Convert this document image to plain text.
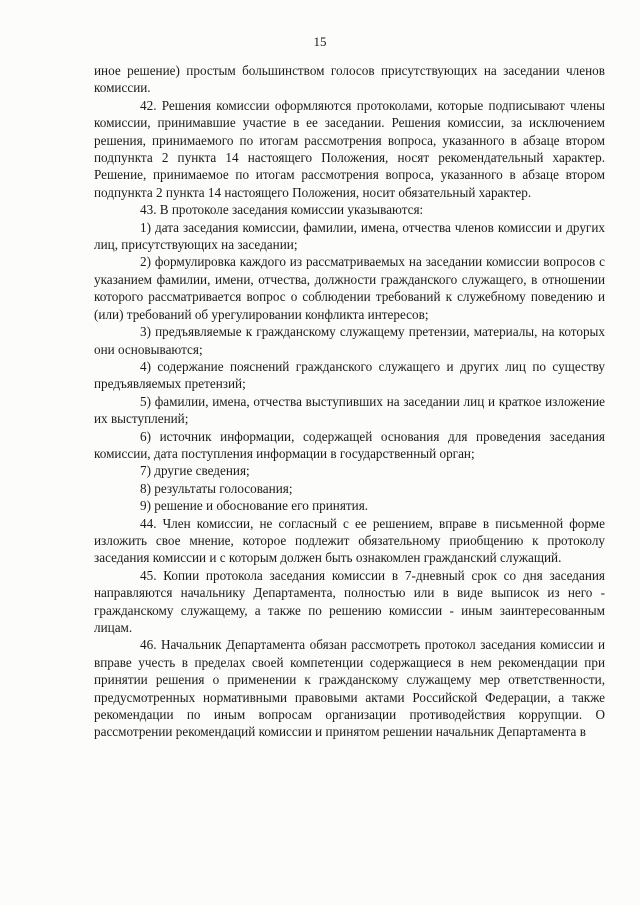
15

иное решение) простым большинством голосов присутствующих на заседании членов комиссии.

42. Решения комиссии оформляются протоколами, которые подписывают члены комиссии, принимавшие участие в ее заседании. Решения комиссии, за исключением решения, принимаемого по итогам рассмотрения вопроса, указанного в абзаце втором подпункта 2 пункта 14 настоящего Положения, носят рекомендательный характер. Решение, принимаемое по итогам рассмотрения вопроса, указанного в абзаце втором подпункта 2 пункта 14 настоящего Положения, носит обязательный характер.

43. В протоколе заседания комиссии указываются:

1) дата заседания комиссии, фамилии, имена, отчества членов комиссии и других лиц, присутствующих на заседании;

2) формулировка каждого из рассматриваемых на заседании комиссии вопросов с указанием фамилии, имени, отчества, должности гражданского служащего, в отношении которого рассматривается вопрос о соблюдении требований к служебному поведению и (или) требований об урегулировании конфликта интересов;

3) предъявляемые к гражданскому служащему претензии, материалы, на которых они основываются;

4) содержание пояснений гражданского служащего и других лиц по существу предъявляемых претензий;

5) фамилии, имена, отчества выступивших на заседании лиц и краткое изложение их выступлений;

6) источник информации, содержащей основания для проведения заседания комиссии, дата поступления информации в государственный орган;

7) другие сведения;

8) результаты голосования;

9) решение и обоснование его принятия.

44. Член комиссии, не согласный с ее решением, вправе в письменной форме изложить свое мнение, которое подлежит обязательному приобщению к протоколу заседания комиссии и с которым должен быть ознакомлен гражданский служащий.

45. Копии протокола заседания комиссии в 7-дневный срок со дня заседания направляются начальнику Департамента, полностью или в виде выписок из него - гражданскому служащему, а также по решению комиссии - иным заинтересованным лицам.

46. Начальник Департамента обязан рассмотреть протокол заседания комиссии и вправе учесть в пределах своей компетенции содержащиеся в нем рекомендации при принятии решения о применении к гражданскому служащему мер ответственности, предусмотренных нормативными правовыми актами Российской Федерации, а также рекомендации по иным вопросам организации противодействия коррупции. О рассмотрении рекомендаций комиссии и принятом решении начальник Департамента в
